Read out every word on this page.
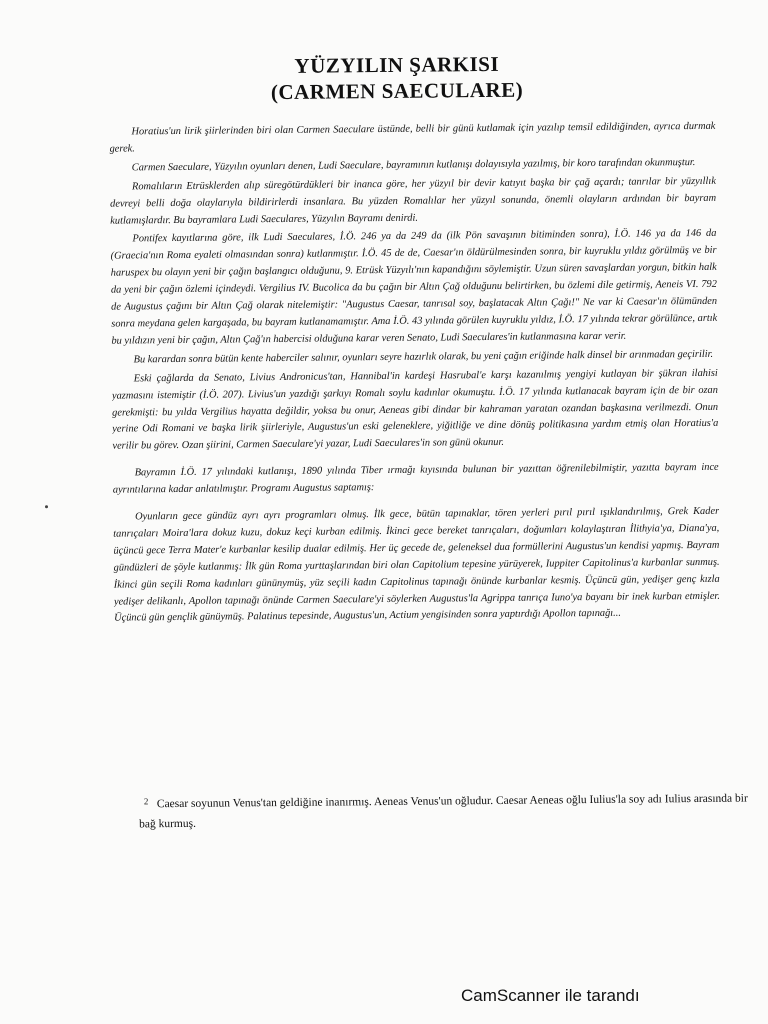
YÜZYILIN ŞARKISI
(CARMEN SAECULARE)

Horatius'un lirik şiirlerinden biri olan Carmen Saeculare üstünde, belli bir günü kutlamak için yazılıp temsil edildiğinden, ayrıca durmak gerek.

Carmen Saeculare, Yüzyılın oyunları denen, Ludi Saeculare, bayramının kutlanışı dolayısıyla yazılmış, bir koro tarafından okunmuştur.

Romalıların Etrüsklerden alıp süregötürdükleri bir inanca göre, her yüzyıl bir devir katıyıt başka bir çağ açardı; tanrılar bir yüzyıllık devreyi belli doğa olaylarıyla bildirirlerdi insanlara. Bu yüzden Romalılar her yüzyıl sonunda, önemli olayların ardından bir bayram kutlamışlardır. Bu bayramlara Ludi Saeculares, Yüzyılın Bayramı denirdi.

Pontifex kayıtlarına göre, ilk Ludi Saeculares, İ.Ö. 246 ya da 249 da (ilk Pön savaşının bitiminden sonra), İ.Ö. 146 ya da 146 da (Graecia'nın Roma eyaleti olmasından sonra) kutlanmıştır. İ.Ö. 45 de de, Caesar'ın öldürülmesinden sonra, bir kuyruklu yıldız görülmüş ve bir haruspex bu olayın yeni bir çağın başlangıcı olduğunu, 9. Etrüsk Yüzyılı'nın kapandığını söylemiştir. Uzun süren savaşlardan yorgun, bitkin halk da yeni bir çağın özlemi içindeydi. Vergilius IV. Bucolica da bu çağın bir Altın Çağ olduğunu belirtirken, bu özlemi dile getirmiş, Aeneis VI. 792 de Augustus çağını bir Altın Çağ olarak nitelemiştir: "Augustus Caesar, tanrısal soy, başlatacak Altın Çağı!" Ne var ki Caesar'ın ölümünden sonra meydana gelen kargaşada, bu bayram kutlanamamıştır. Ama İ.Ö. 43 yılında görülen kuyruklu yıldız, İ.Ö. 17 yılında tekrar görülünce, artık bu yıldızın yeni bir çağın, Altın Çağ'ın habercisi olduğuna karar veren Senato, Ludi Saeculares'in kutlanmasına karar verir.

Bu karardan sonra bütün kente haberciler salınır, oyunları seyre hazırlık olarak, bu yeni çağın eriğinde halk dinsel bir arınmadan geçirilir.

Eski çağlarda da Senato, Livius Andronicus'tan, Hannibal'in kardeşi Hasrubal'e karşı kazanılmış yengiyi kutlayan bir şükran ilahisi yazmasını istemiştir (İ.Ö. 207). Livius'un yazdığı şarkıyı Romalı soylu kadınlar okumuştu. İ.Ö. 17 yılında kutlanacak bayram için de bir ozan gerekmişti: bu yılda Vergilius hayatta değildir, yoksa bu onur, Aeneas gibi dindar bir kahraman yaratan ozandan başkasına verilmezdi. Onun yerine Odi Romani ve başka lirik şiirleriyle, Augustus'un eski geleneklere, yiğitliğe ve dine dönüş politikasına yardım etmiş olan Horatius'a verilir bu görev. Ozan şiirini, Carmen Saeculare'yi yazar, Ludi Saeculares'in son günü okunur.

Bayramın İ.Ö. 17 yılındaki kutlanışı, 1890 yılında Tiber ırmağı kıyısında bulunan bir yazıttan öğrenilebilmiştir, yazıtta bayram ince ayrıntılarına kadar anlatılmıştır. Programı Augustus saptamış:

Oyunların gece gündüz ayrı ayrı programları olmuş. İlk gece, bütün tapınaklar, tören yerleri pırıl pırıl ışıklandırılmış, Grek Kader tanrıçaları Moira'lara dokuz kuzu, dokuz keçi kurban edilmiş. İkinci gece bereket tanrıçaları, doğumları kolaylaştıran İlithyia'ya, Diana'ya, üçüncü gece Terra Mater'e kurbanlar kesilip dualar edilmiş. Her üç gecede de, geleneksel dua formüllerini Augustus'un kendisi yapmış. Bayram gündüzleri de şöyle kutlanmış: İlk gün Roma yurttaşlarından biri olan Capitolium tepesine yürüyerek, Iuppiter Capitolinus'a kurbanlar sunmuş. İkinci gün seçili Roma kadınları gününymüş, yüz seçili kadın Capitolinus tapınağı önünde kurbanlar kesmiş. Üçüncü gün, yedişer genç kızla yedişer delikanlı, Apollon tapınağı önünde Carmen Saeculare'yi söylerken Augustus'la Agrippa tanrıça Iuno'ya bayanı bir inek kurban etmişler. Üçüncü gün gençlik günüymüş. Palatinus tepesinde, Augustus'un, Actium yengisinden sonra yaptırdığı Apollon tapınağı...

2 Caesar soyunun Venus'tan geldiğine inanırmış. Aeneas Venus'un oğludur. Caesar Aeneas oğlu Iulius'la soy adı Iulius arasında bir bağ kurmuş.

CamScanner ile tarandı
